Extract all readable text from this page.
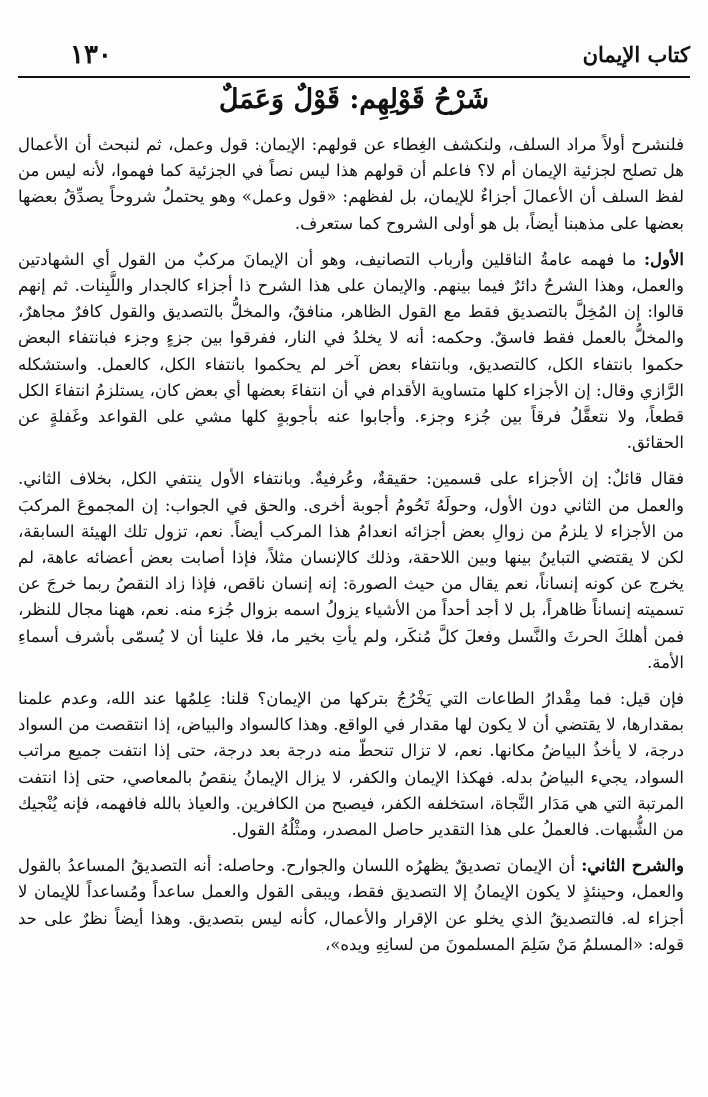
كتاب الإيمان
١٣٠
شَرْحُ قَوْلِهِم: قَوْلٌ وَعَمَلٌ

فلنشرح أولاً مراد السلف، ولنكشف الغِطاء عن قولهم: الإيمان: قول وعمل، ثم لنبحث أن الأعمال هل تصلح لجزئية الإيمان أم لا؟ فاعلم أن قولهم هذا ليس نصاً في الجزئية كما فهموا، لأنه ليس من لفظ السلف أن الأعمالَ أجزاءٌ للإيمان، بل لفظهم: «قول وعمل» وهو يحتملُ شروحاً يصدِّقُ بعضها بعضها على مذهبنا أيضاً، بل هو أولى الشروح كما ستعرف.

الأول: ما فهمه عامةُ الناقلين وأرباب التصانيف، وهو أن الإيمانَ مركبٌ من القول أي الشهادتين والعمل، وهذا الشرحُ دائرٌ فيما بينهم. والإيمان على هذا الشرح ذا أجزاء كالجدار واللَّبِنات. ثم إنهم قالوا: إن المُخِلَّ بالتصديق فقط مع القول الظاهر، منافقٌ، والمخلُّ بالتصديق والقول كافرٌ مجاهرٌ، والمخلُّ بالعمل فقط فاسقٌ. وحكمه: أنه لا يخلدُ في النار، ففرقوا بين جزءٍ وجزء فبانتفاء البعض حكموا بانتفاء الكل، كالتصديق، وبانتفاء بعض آخر لم يحكموا بانتفاء الكل، كالعمل. واستشكله الرَّازي وقال: إن الأجزاء كلها متساوية الأقدام في أن انتفاءَ بعضها أي بعض كان، يستلزمُ انتفاءَ الكل قطعاً، ولا نتعقَّلُ فرقاً بين جُزء وجزء. وأجابوا عنه بأجوبةٍ كلها مشي على القواعد وغَفلةٍ عن الحقائق.

فقال قائلٌ: إن الأجزاء على قسمين: حقيقةٌ، وعُرفيةٌ. وبانتفاء الأول ينتفي الكل، بخلاف الثاني. والعمل من الثاني دون الأول، وحولَهُ تَحُومُ أجوبة أخرى. والحق في الجواب: إن المجموعَ المركبَ من الأجزاء لا يلزمُ من زوالِ بعض أجزائه انعدامُ هذا المركب أيضاً. نعم، تزول تلك الهيئة السابقة، لكن لا يقتضي التباينُ بينها وبين اللاحقة، وذلك كالإنسان مثلاً، فإذا أصابت بعض أعضائه عاهة، لم يخرج عن كونه إنساناً، نعم يقال من حيث الصورة: إنه إنسان ناقص، فإذا زاد النقصُ ربما خرجَ عن تسميته إنساناً ظاهراً، بل لا أجد أحداً من الأشياء يزولُ اسمه بزوال جُزء منه. نعم، ههنا مجال للنظر، فمن أهلكَ الحرثَ والنَّسل وفعلَ كلَّ مُنكَر، ولم يأتِ بخير ما، فلا علينا أن لا يُسمّى بأشرف أسماءِ الأمة.

فإن قيل: فما مِقْدارُ الطاعات التي يَخْرُجُ بتركها من الإيمان؟ قلنا: عِلمُها عند الله، وعدم علمنا بمقدارها، لا يقتضي أن لا يكون لها مقدار في الواقع. وهذا كالسواد والبياض، إذا انتقصت من السواد درجة، لا يأخذُ البياضُ مكانها. نعم، لا تزال تنحطّ منه درجة بعد درجة، حتى إذا انتفت جميع مراتب السواد، يجيء البياضُ بدله. فهكذا الإيمان والكفر، لا يزال الإيمانُ ينقصُ بالمعاصي، حتى إذا انتفت المرتبة التي هي مَدَار النَّجاة، استخلفه الكفر، فيصبح من الكافرين. والعياذ بالله فافهمه، فإنه يُنْجيك من الشُّبهات. فالعملُ على هذا التقدير حاصل المصدر، ومثْلُهُ القول.

والشرح الثاني: أن الإيمان تصديقٌ يظهرُه اللسان والجوارح. وحاصله: أنه التصديقُ المساعدُ بالقول والعمل، وحينئذٍ لا يكون الإيمانُ إلا التصديق فقط، ويبقى القول والعمل ساعداً ومُساعداً للإيمان لا أجزاء له. فالتصديقُ الذي يخلو عن الإقرار والأعمال، كأنه ليس بتصديق. وهذا أيضاً نظرٌ على حد قوله: «المسلمُ مَنْ سَلِمَ المسلمونَ من لسانِهِ ويده»،
